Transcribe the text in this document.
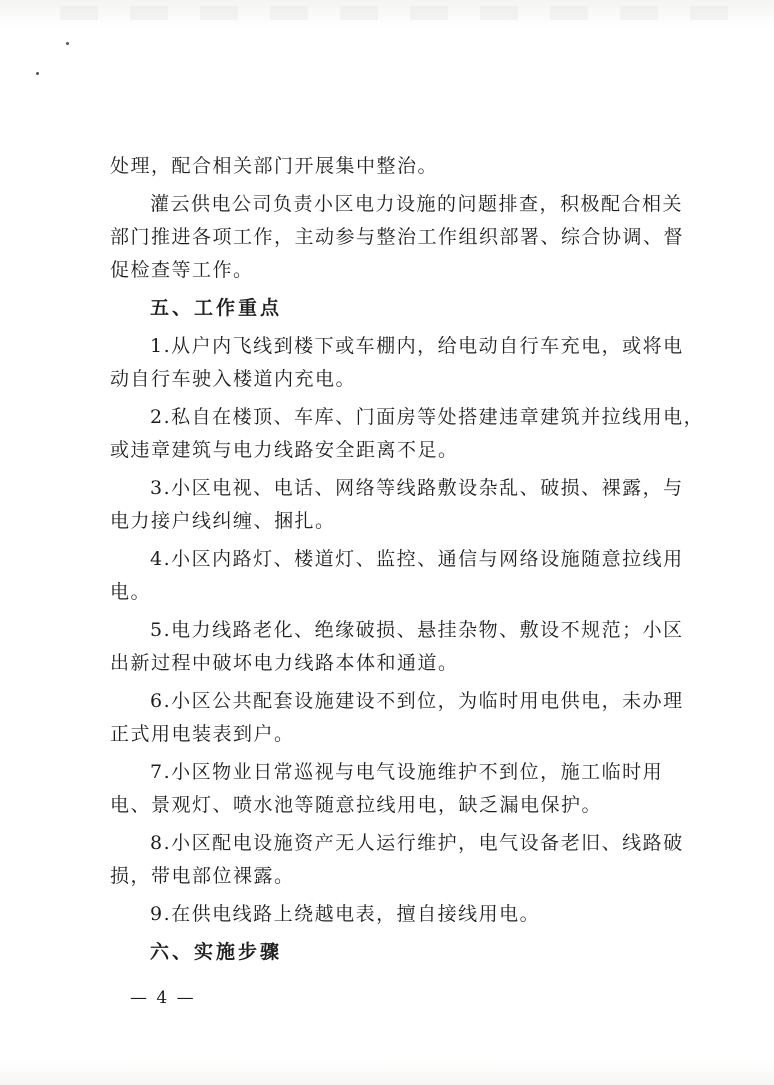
处理，配合相关部门开展集中整治。
灌云供电公司负责小区电力设施的问题排查，积极配合相关
部门推进各项工作，主动参与整治工作组织部署、综合协调、督
促检查等工作。
五、工作重点
1.从户内飞线到楼下或车棚内，给电动自行车充电，或将电
动自行车驶入楼道内充电。
2.私自在楼顶、车库、门面房等处搭建违章建筑并拉线用电，
或违章建筑与电力线路安全距离不足。
3.小区电视、电话、网络等线路敷设杂乱、破损、裸露，与
电力接户线纠缠、捆扎。
4.小区内路灯、楼道灯、监控、通信与网络设施随意拉线用
电。
5.电力线路老化、绝缘破损、悬挂杂物、敷设不规范；小区
出新过程中破坏电力线路本体和通道。
6.小区公共配套设施建设不到位，为临时用电供电，未办理
正式用电装表到户。
7.小区物业日常巡视与电气设施维护不到位，施工临时用
电、景观灯、喷水池等随意拉线用电，缺乏漏电保护。
8.小区配电设施资产无人运行维护，电气设备老旧、线路破
损，带电部位裸露。
9.在供电线路上绕越电表，擅自接线用电。
六、实施步骤
— 4 —
